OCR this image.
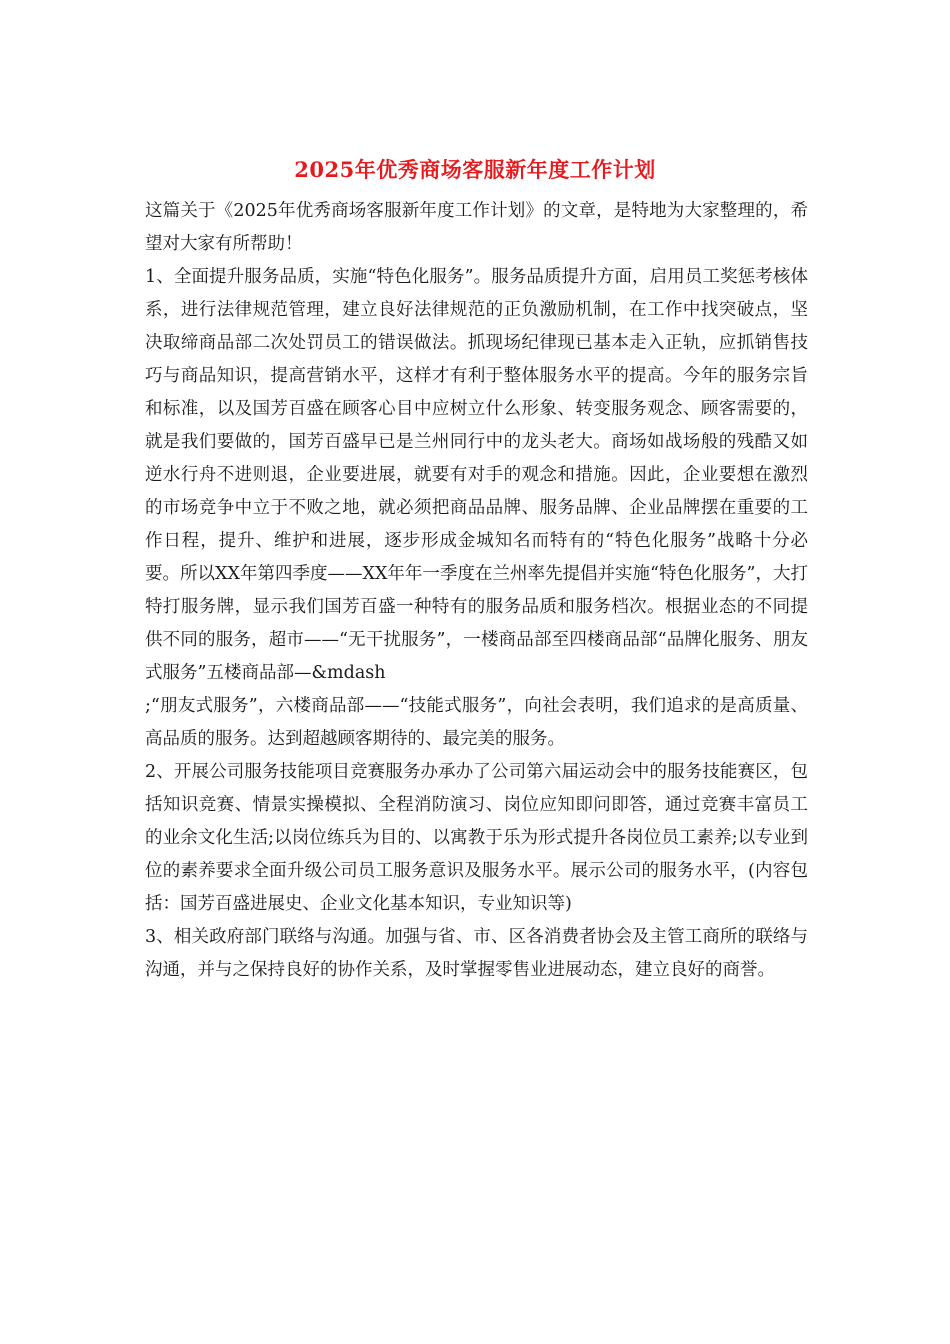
2025年优秀商场客服新年度工作计划

这篇关于《2025年优秀商场客服新年度工作计划》的文章，是特地为大家整理的，希望对大家有所帮助！

1、全面提升服务品质，实施“特色化服务”。服务品质提升方面，启用员工奖惩考核体系，进行法律规范管理，建立良好法律规范的正负激励机制，在工作中找突破点，坚决取缔商品部二次处罚员工的错误做法。抓现场纪律现已基本走入正轨，应抓销售技巧与商品知识，提高营销水平，这样才有利于整体服务水平的提高。今年的服务宗旨和标准，以及国芳百盛在顾客心目中应树立什么形象、转变服务观念、顾客需要的，就是我们要做的，国芳百盛早已是兰州同行中的龙头老大。商场如战场般的残酷又如逆水行舟不进则退，企业要进展，就要有对手的观念和措施。因此，企业要想在激烈的市场竞争中立于不败之地，就必须把商品品牌、服务品牌、企业品牌摆在重要的工作日程，提升、维护和进展，逐步形成金城知名而特有的“特色化服务”战略十分必要。所以XX年第四季度——XX年年一季度在兰州率先提倡并实施“特色化服务”，大打特打服务牌，显示我们国芳百盛一种特有的服务品质和服务档次。根据业态的不同提供不同的服务，超市——“无干扰服务”，一楼商品部至四楼商品部“品牌化服务、朋友式服务”五楼商品部—&mdash

;“朋友式服务”，六楼商品部——“技能式服务”，向社会表明，我们追求的是高质量、高品质的服务。达到超越顾客期待的、最完美的服务。

2、开展公司服务技能项目竞赛服务办承办了公司第六届运动会中的服务技能赛区，包括知识竞赛、情景实操模拟、全程消防演习、岗位应知即问即答，通过竞赛丰富员工的业余文化生活;以岗位练兵为目的、以寓教于乐为形式提升各岗位员工素养;以专业到位的素养要求全面升级公司员工服务意识及服务水平。展示公司的服务水平，(内容包括：国芳百盛进展史、企业文化基本知识，专业知识等)

3、相关政府部门联络与沟通。加强与省、市、区各消费者协会及主管工商所的联络与沟通，并与之保持良好的协作关系，及时掌握零售业进展动态，建立良好的商誉。
